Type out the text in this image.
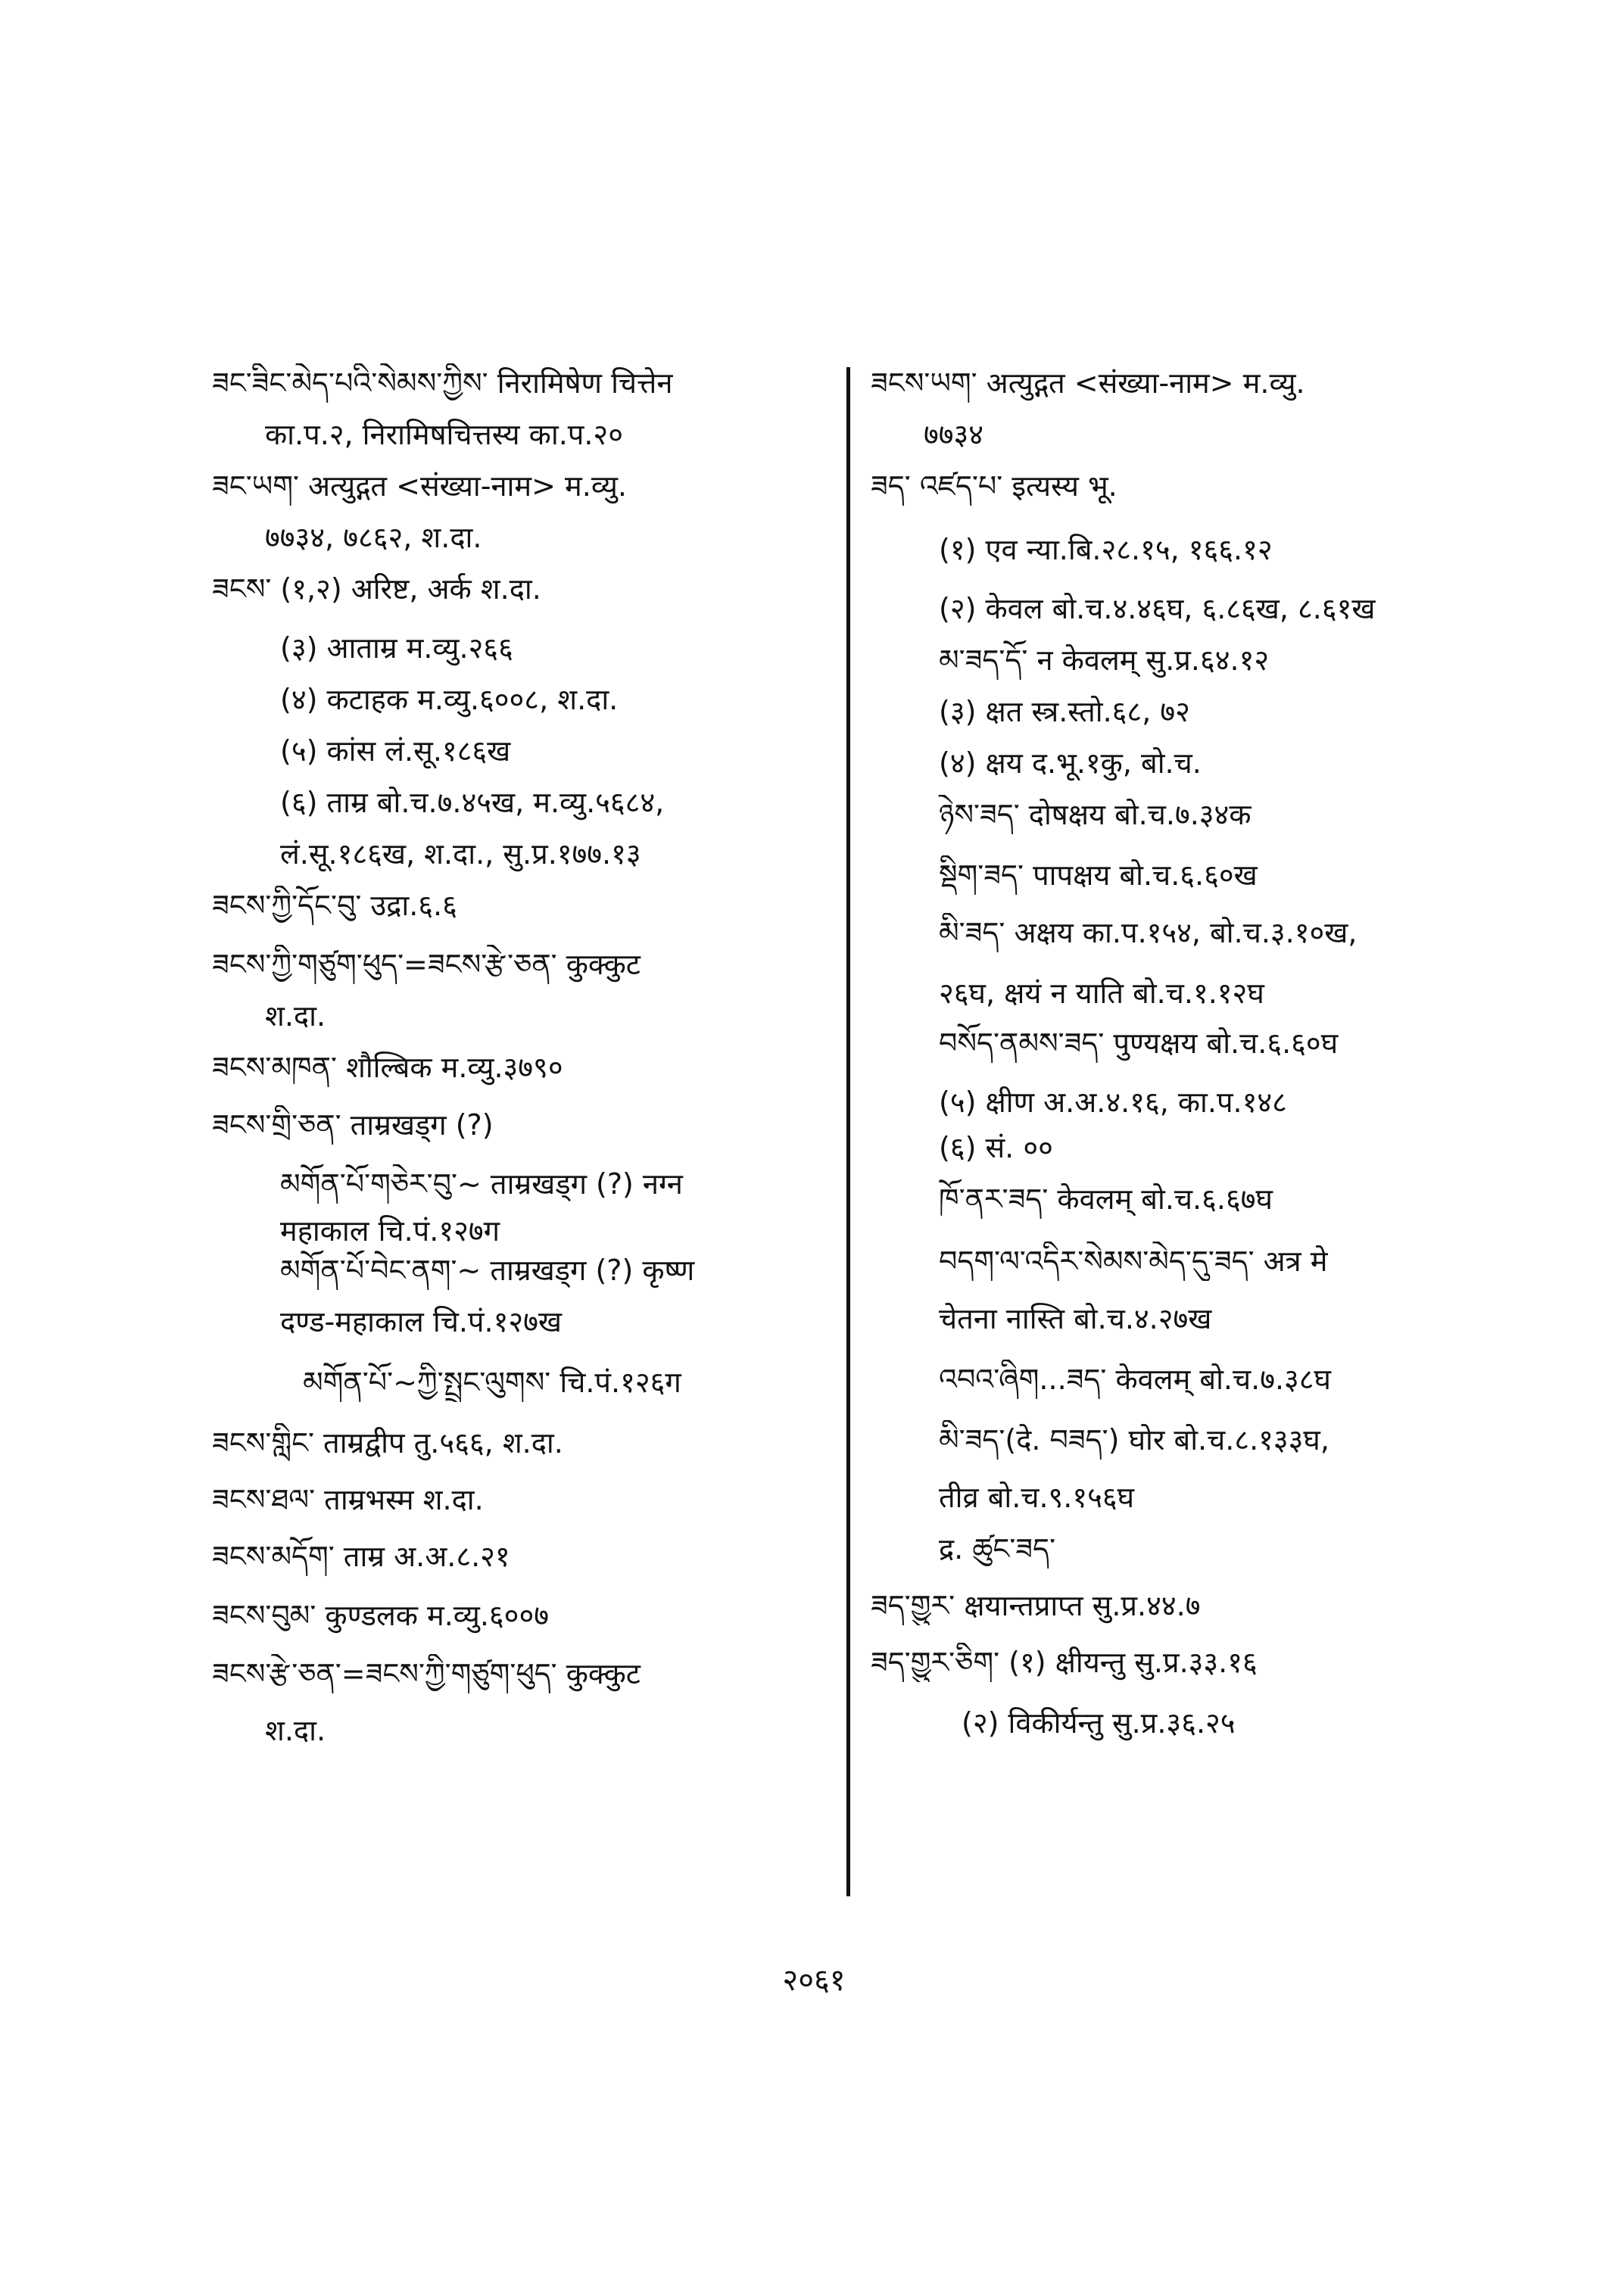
ཟང་ཟིང་མེད་པའི་སེམས་ཀྱིས་ निरामिषेण चित्तेन
का.प.२, निरामिषचित्तस्य का.प.२०
ཟང་ཡག་ अत्युद्गत <संख्या-नाम> म.व्यु.
७७३४, ७८६२, श.दा.
ཟངས་ (१,२) अरिष्ट, अर्क श.दा.
(३) आताम्र म.व्यु.२६६
(४) कटाहक म.व्यु.६००८, श.दा.
(५) कांस लं.सू.१८६ख
(६) ताम्र बो.च.७.४५ख, म.व्यु.५६८४,
लं.सू.१८६ख, श.दा., सु.प्र.१७७.१३
ཟངས་ཀྱི་དོང་བུ་ उद्रा.६.६
ཟངས་ཀྱི་གཙུག་ཕུད་=ཟངས་རྩེ་ཅན་ कुक्कुट
श.दा.
ཟངས་མཁན་ शौल्बिक म.व्यु.३७९०
ཟངས་གྲི་ཅན་ ताम्रखड्ग (?)
མགོན་པོ་གཅེར་བུ་~ ताम्रखड्ग (?) नग्न
महाकाल चि.पं.१२७ग
མགོན་པོ་བེང་ནག་~ ताम्रखड्ग (?) कृष्ण
दण्ड-महाकाल चि.पं.१२७ख
མགོན་པོ་~ཀྱི་སྤྲང་ལུགས་ चि.पं.१२६ग
ཟངས་གླིང་ ताम्रद्वीप तु.५६६, श.दा.
ཟངས་ཐལ་ ताम्रभस्म श.दा.
ཟངས་མདོག་ ताम्र अ.अ.८.२१
ཟངས་བུམ་ कुण्डलक म.व्यु.६००७
ཟངས་རྩེ་ཅན་=ཟངས་ཀྱི་གཙུག་ཕུད་ कुक्कुट
श.दा.
ཟངས་ཡག་ अत्युद्गत <संख्या-नाम> म.व्यु.
७७३४
ཟད་ འཛད་པ་ इत्यस्य भू.
(१) एव न्या.बि.२८.१५, १६६.१२
(२) केवल बो.च.४.४६घ, ६.८६ख, ८.६१ख
མ་ཟད་དོ་ न केवलम् सु.प्र.६४.१२
(३) क्षत स्त्र.स्तो.६८, ७२
(४) क्षय द.भू.१कु, बो.च.
ཉེས་ཟད་ दोषक्षय बो.च.७.३४क
སྡིག་ཟད་ पापक्षय बो.च.६.६०ख
མི་ཟད་ अक्षय का.प.१५४, बो.च.३.१०ख,
२६घ, क्षयं न याति बो.च.१.१२घ
བསོད་ནམས་ཟད་ पुण्यक्षय बो.च.६.६०घ
(५) क्षीण अ.अ.४.१६, का.प.१४८
(६) सं. ००
ཁོ་ནར་ཟད་ केवलम् बो.च.६.६७घ
བདག་ལ་འདིར་སེམས་མེད་དུ་ཟད་ अत्र मे
चेतना नास्ति बो.च.४.२७ख
འབའ་ཞིག...ཟད་ केवलम् बो.च.७.३८घ
མི་ཟད་(दे. བཟད་) घोर बो.च.८.१३३घ,
तीव्र बो.च.९.१५६घ
द्र. ཚུང་ཟད་
ཟད་གྱུར་ क्षयान्तप्राप्त सु.प्र.४४.७
ཟད་གྱུར་ཅིག་ (१) क्षीयन्तु सु.प्र.३३.१६
(२) विकीर्यन्तु सु.प्र.३६.२५
२०६१
